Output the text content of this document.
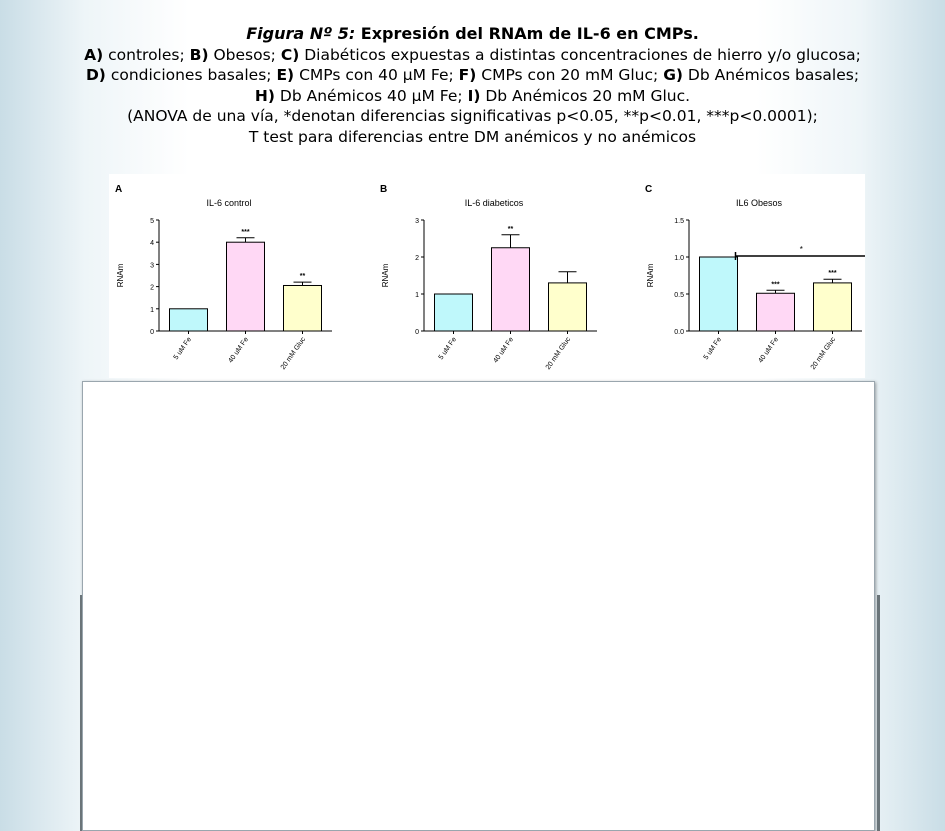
Figura Nº 5: Expresión del RNAm de IL-6 en CMPs.
A) controles; B) Obesos; C) Diabéticos expuestas a distintas concentraciones de hierro y/o glucosa;
D) condiciones basales; E) CMPs con 40 µM Fe; F) CMPs con 20 mM Gluc; G) Db Anémicos basales;
H) Db Anémicos 40 µM Fe; I) Db Anémicos 20 mM Gluc.
(ANOVA de una vía, *denotan diferencias significativas p<0.05, **p<0.01, ***p<0.0001);
T test para diferencias entre DM anémicos y no anémicos
A
IL-6 control
RNAm
0
1
2
3
4
5
5 uM Fe
***
40 uM Fe
**
20 mM Gluc
B
IL-6 diabeticos
RNAm
0
1
2
3
5 uM Fe
**
40 uM Fe	20 mM Gluc
C
IL6 Obesos
RNAm
0.0
0.5
1.0
1.5
5 uM Fe
***
40 uM Fe
***
20 mM Gluc
*
